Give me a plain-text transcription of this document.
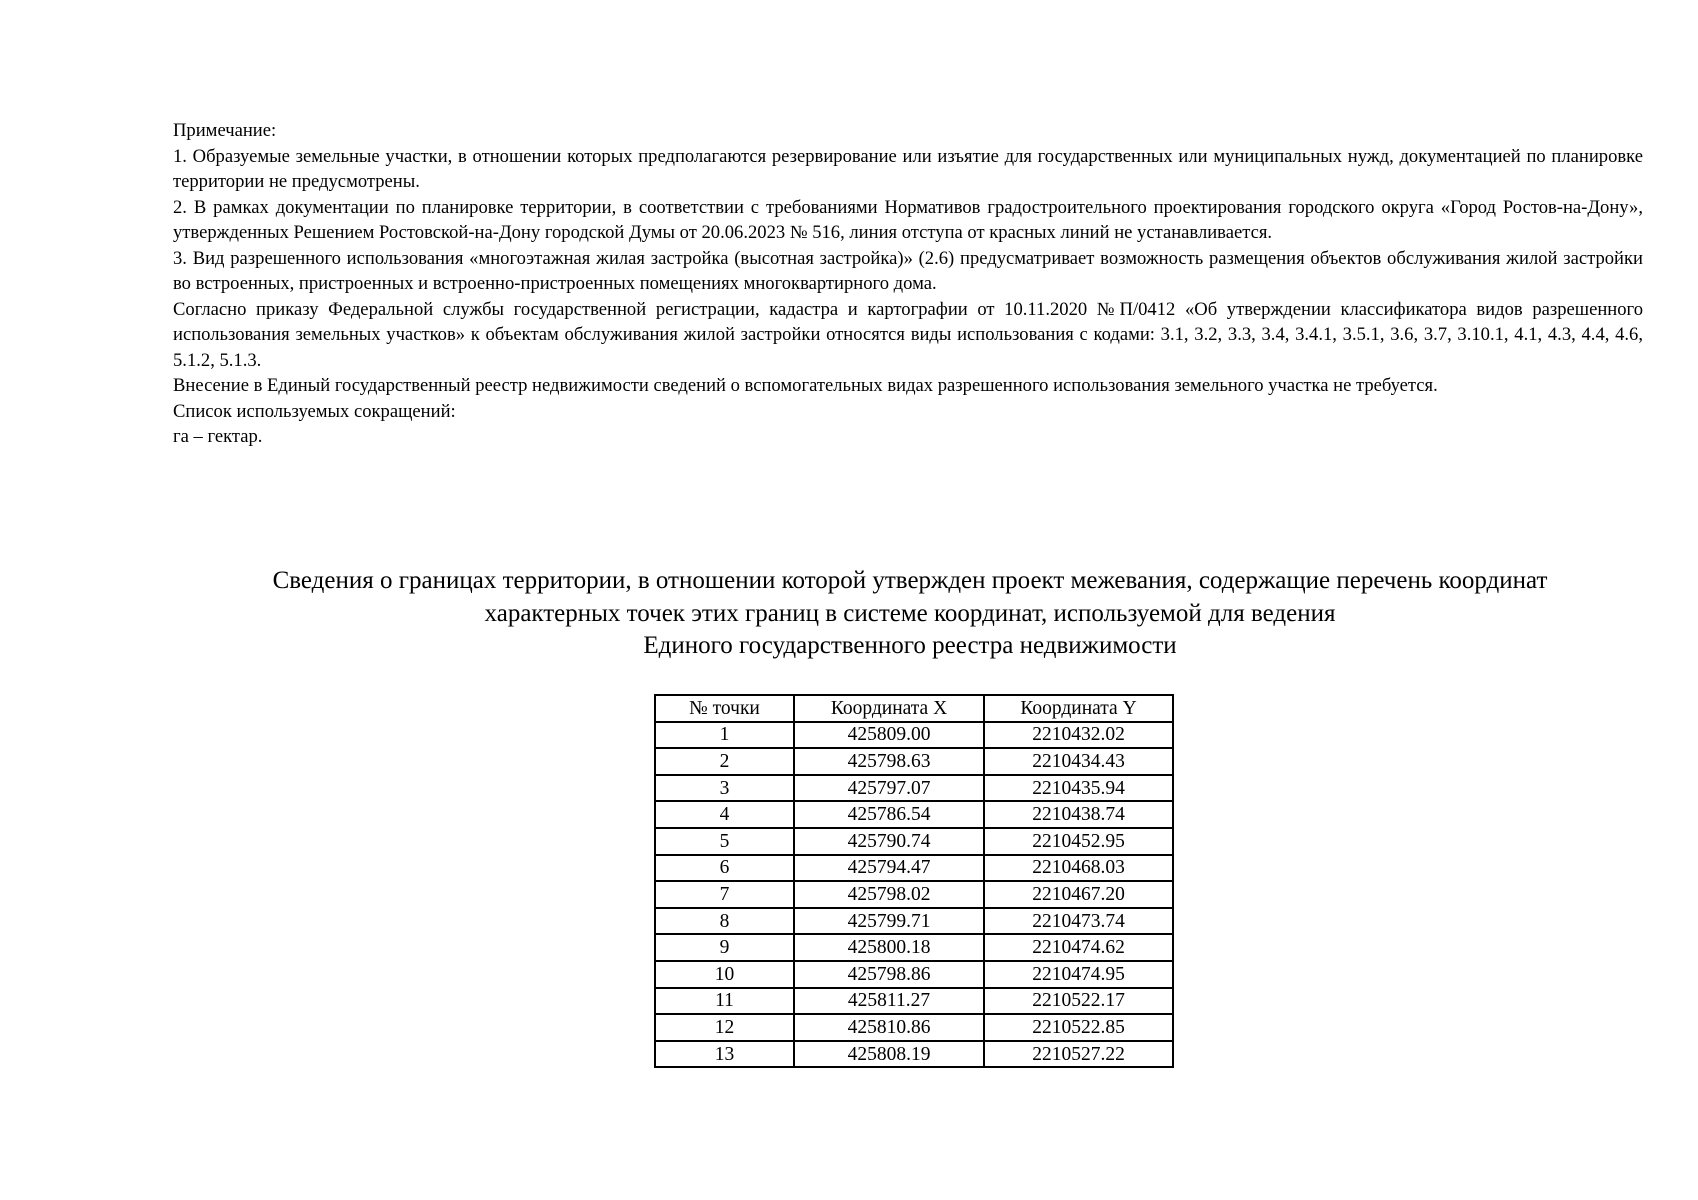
Примечание:

1. Образуемые земельные участки, в отношении которых предполагаются резервирование или изъятие для государственных или муниципальных нужд, документацией по планировке территории не предусмотрены.

2. В рамках документации по планировке территории, в соответствии с требованиями Нормативов градостроительного проектирования городского округа «Город Ростов-на-Дону», утвержденных Решением Ростовской-на-Дону городской Думы от 20.06.2023 № 516, линия отступа от красных линий не устанавливается.

3. Вид разрешенного использования «многоэтажная жилая застройка (высотная застройка)» (2.6) предусматривает возможность размещения объектов обслуживания жилой застройки во встроенных, пристроенных и встроенно-пристроенных помещениях многоквартирного дома.

Согласно приказу Федеральной службы государственной регистрации, кадастра и картографии от 10.11.2020 №П/0412 «Об утверждении классификатора видов разрешенного использования земельных участков» к объектам обслуживания жилой застройки относятся виды использования с кодами: 3.1, 3.2, 3.3, 3.4, 3.4.1, 3.5.1, 3.6, 3.7, 3.10.1, 4.1, 4.3, 4.4, 4.6, 5.1.2, 5.1.3.

Внесение в Единый государственный реестр недвижимости сведений о вспомогательных видах разрешенного использования земельного участка не требуется.

Список используемых сокращений:

га – гектар.

Сведения о границах территории, в отношении которой утвержден проект межевания, содержащие перечень координат
характерных точек этих границ в системе координат, используемой для ведения
Единого государственного реестра недвижимости
№ точки	Координата X	Координата Y
1	425809.00	2210432.02
2	425798.63	2210434.43
3	425797.07	2210435.94
4	425786.54	2210438.74
5	425790.74	2210452.95
6	425794.47	2210468.03
7	425798.02	2210467.20
8	425799.71	2210473.74
9	425800.18	2210474.62
10	425798.86	2210474.95
11	425811.27	2210522.17
12	425810.86	2210522.85
13	425808.19	2210527.22
